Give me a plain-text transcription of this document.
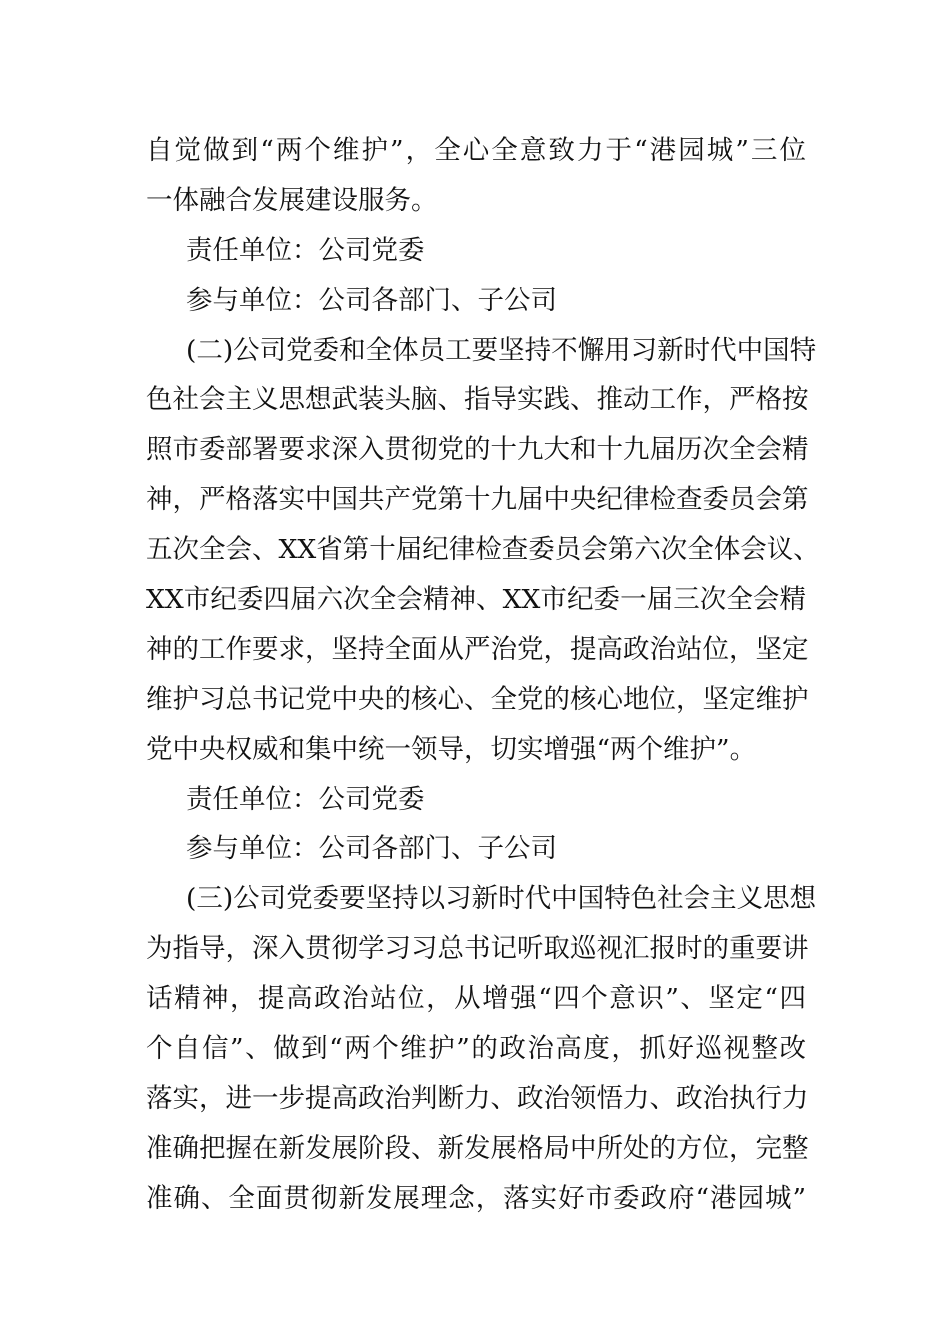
自觉做到“两个维护”，全心全意致力于“港园城”三位
一体融合发展建设服务。
责任单位：公司党委
参与单位：公司各部门、子公司
(二)公司党委和全体员工要坚持不懈用习新时代中国特
色社会主义思想武装头脑、指导实践、推动工作，严格按
照市委部署要求深入贯彻党的十九大和十九届历次全会精
神，严格落实中国共产党第十九届中央纪律检查委员会第
五次全会、XX省第十届纪律检查委员会第六次全体会议、
XX市纪委四届六次全会精神、XX市纪委一届三次全会精
神的工作要求，坚持全面从严治党，提高政治站位，坚定
维护习总书记党中央的核心、全党的核心地位，坚定维护
党中央权威和集中统一领导，切实增强“两个维护”。
责任单位：公司党委
参与单位：公司各部门、子公司
(三)公司党委要坚持以习新时代中国特色社会主义思想
为指导，深入贯彻学习习总书记听取巡视汇报时的重要讲
话精神，提高政治站位，从增强“四个意识”、坚定“四
个自信”、做到“两个维护”的政治高度，抓好巡视整改
落实，进一步提高政治判断力、政治领悟力、政治执行力
准确把握在新发展阶段、新发展格局中所处的方位，完整
准确、全面贯彻新发展理念，落实好市委政府“港园城”
